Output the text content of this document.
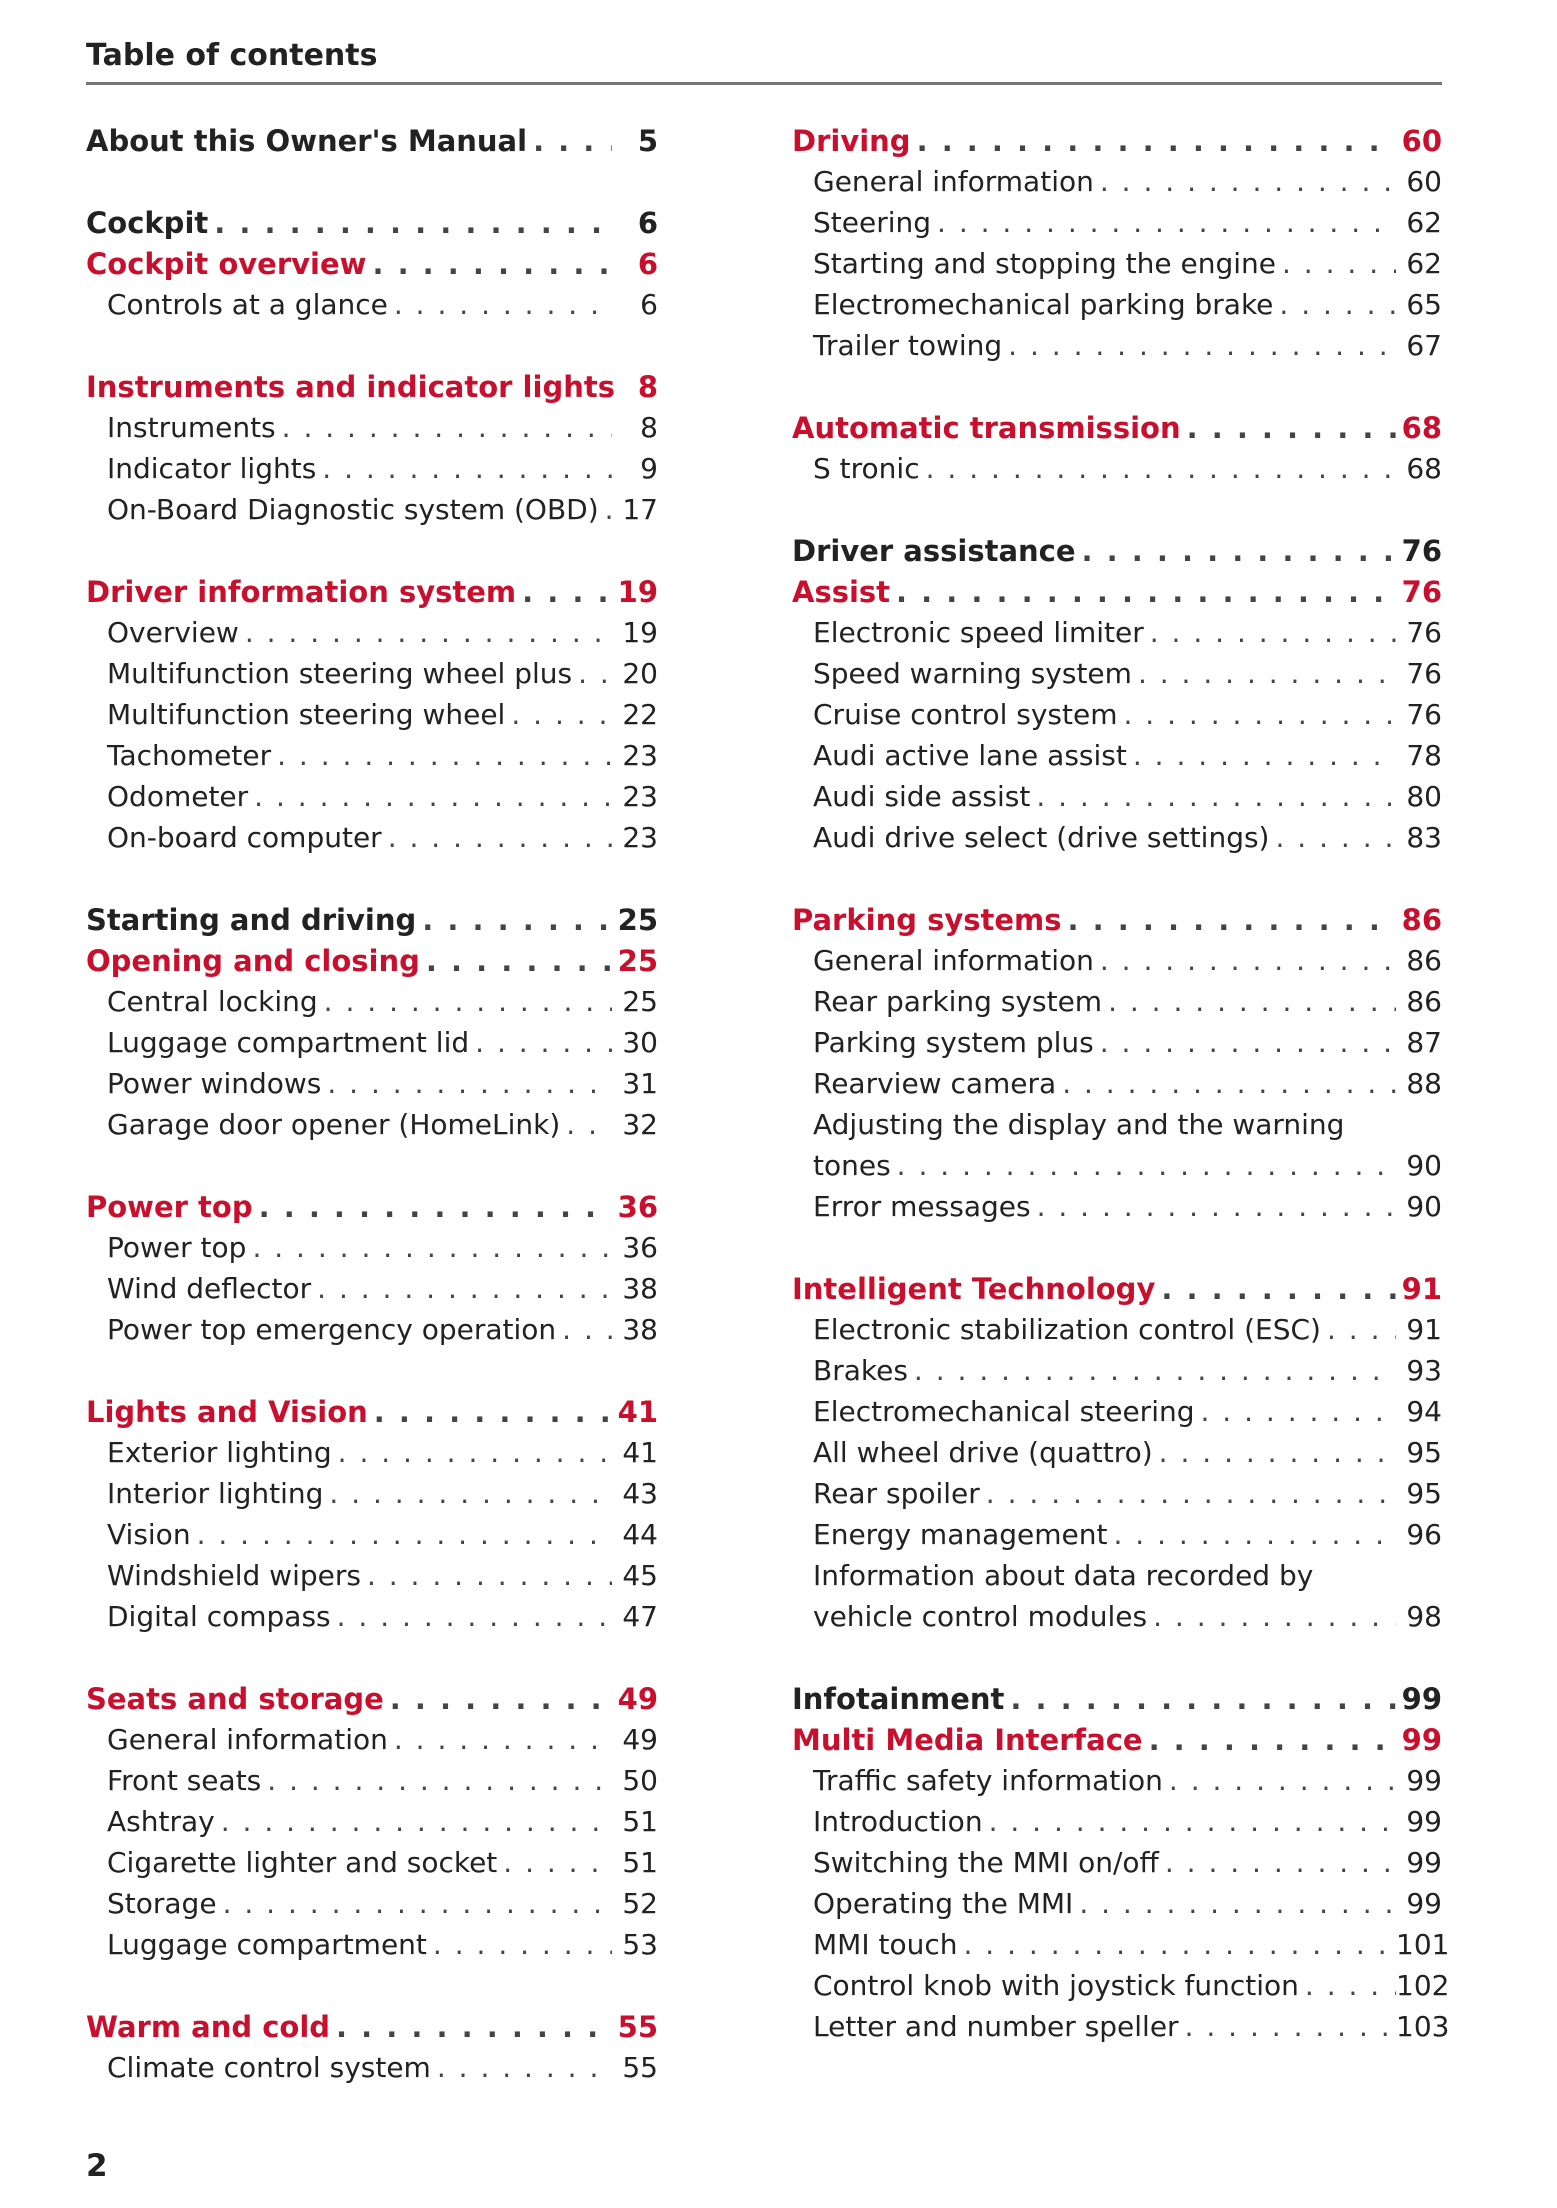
Table of contents
About this Owner's Manual . . .	5
Cockpit . . .	6
Cockpit overview . . .	6
Controls at a glance . . .	6
Instruments and indicator lights 8
Instruments . . .	8
Indicator lights . . .	9
On-Board Diagnostic system (OBD) . . . 17
Driver information system . . .	19
Overview . . .	19
Multifunction steering wheel plus . . .	20
Multifunction steering wheel . . .	22
Tachometer . . .	23
Odometer . . .	23
On-board computer . . .	23
Starting and driving . . .	25
Opening and closing . . .	25
Central locking . . .	25
Luggage compartment lid . . .	30
Power windows . . .	31
Garage door opener (HomeLink) . . .	32
Power top . . .	36
Power top . . .	36
Wind deflector . . .	38
Power top emergency operation . . .	38
Lights and Vision . . .	41
Exterior lighting . . .	41
Interior lighting . . .	43
Vision . . .	44
Windshield wipers . . .	45
Digital compass . . .	47
Seats and storage . . .	49
General information . . .	49
Front seats . . .	50
Ashtray . . .	51
Cigarette lighter and socket . . .	51
Storage . . .	52
Luggage compartment . . .	53
Warm and cold . . .	55
Climate control system . . .	55
Driving . . .	60
General information . . .	60
Steering . . .	62
Starting and stopping the engine . . .	62
Electromechanical parking brake . . .	65
Trailer towing . . .	67
Automatic transmission . . .	68
S tronic . . .	68
Driver assistance . . .	76
Assist . . .	76
Electronic speed limiter . . .	76
Speed warning system . . .	76
Cruise control system . . .	76
Audi active lane assist . . .	78
Audi side assist . . .	80
Audi drive select (drive settings) . . .	83
Parking systems . . .	86
General information . . .	86
Rear parking system . . .	86
Parking system plus . . .	87
Rearview camera . . .	88
Adjusting the display and the warning
tones . . .	90
Error messages . . .	90
Intelligent Technology . . .	91
Electronic stabilization control (ESC) . . .	91
Brakes . . .	93
Electromechanical steering . . .	94
All wheel drive (quattro) . . .	95
Rear spoiler . . .	95
Energy management . . .	96
Information about data recorded by
vehicle control modules . . .	98
Infotainment . . .	99
Multi Media Interface . . .	99
Traffic safety information . . .	99
Introduction . . .	99
Switching the MMI on/off . . .	99
Operating the MMI . . .	99
MMI touch . . .	101
Control knob with joystick function . . .	102
Letter and number speller . . .	103
2
